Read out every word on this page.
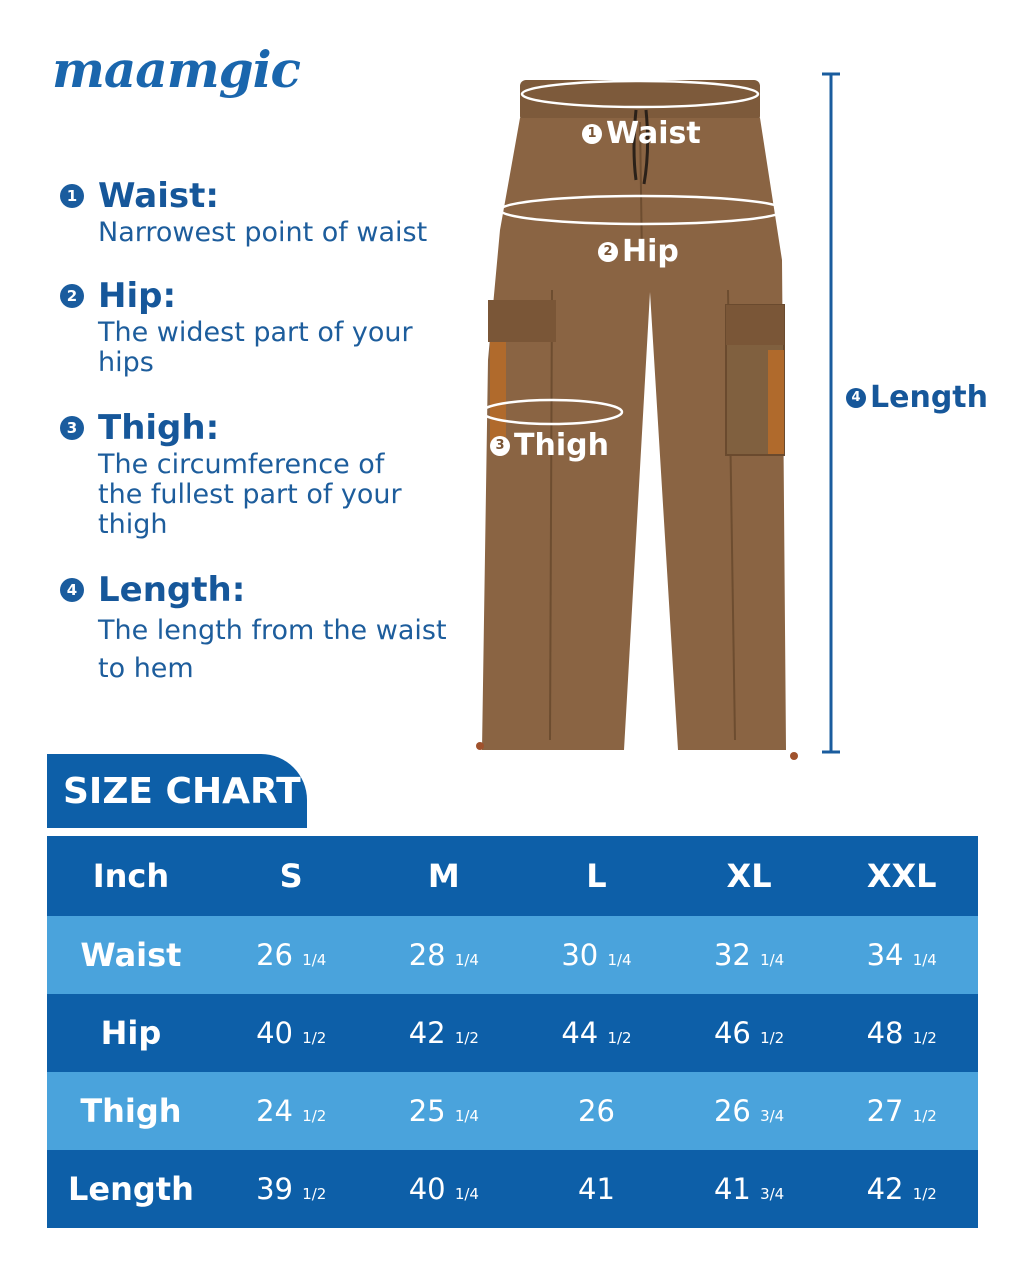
maamgic
1 Waist:
Narrowest point of waist
2 Hip:
The widest part of your
hips
3 Thigh:
The circumference of
the fullest part of your
thigh
4 Length:
The length from the waist
to hem
1 Waist
2 Hip
3 Thigh
4 Length
SIZE CHART
Inch	S	M	L	XL	XXL
Waist	26 1/4	28 1/4	30 1/4	32 1/4	34 1/4
Hip	40 1/2	42 1/2	44 1/2	46 1/2	48 1/2
Thigh	24 1/2	25 1/4	26	26 3/4	27 1/2
Length	39 1/2	40 1/4	41	41 3/4	42 1/2
